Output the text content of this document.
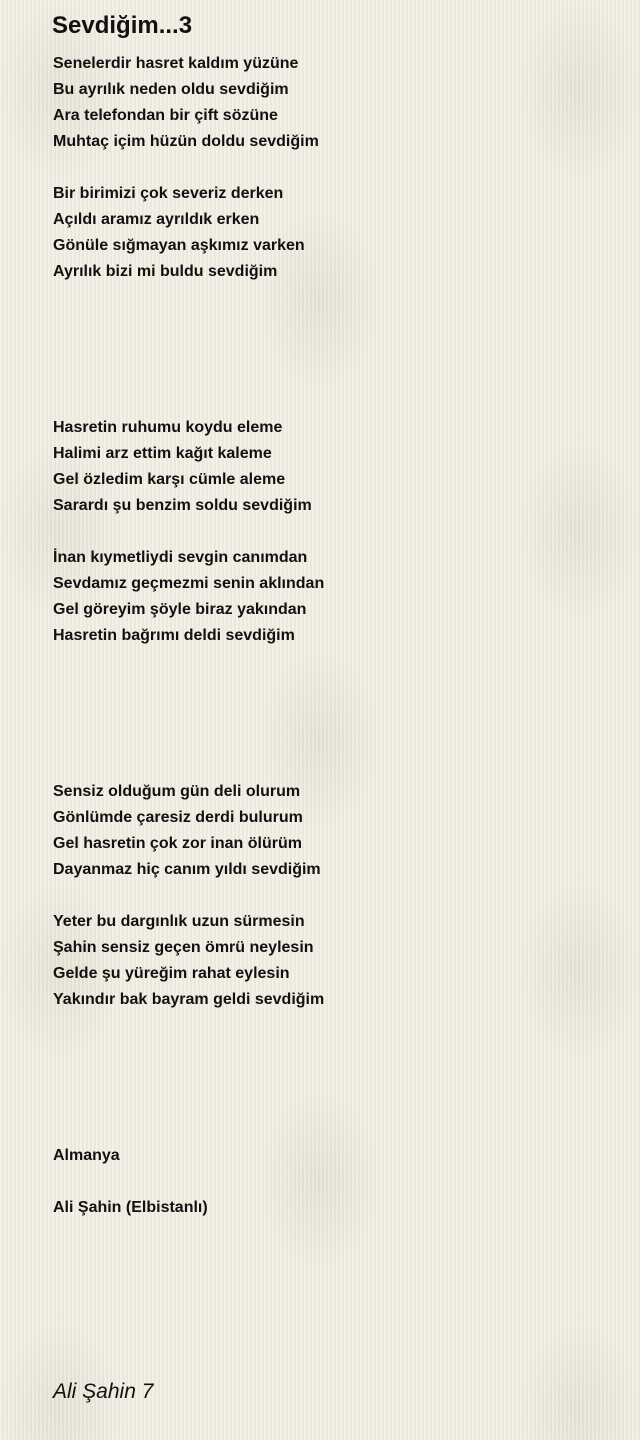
Sevdiğim...3
Senelerdir hasret kaldım yüzüne
Bu ayrılık neden oldu sevdiğim
Ara telefondan bir çift sözüne
Muhtaç içim hüzün doldu sevdiğim
Bir birimizi çok severiz derken
Açıldı aramız ayrıldık erken
Gönüle sığmayan aşkımız varken
Ayrılık bizi mi buldu sevdiğim
Hasretin ruhumu koydu eleme
Halimi arz ettim kağıt kaleme
Gel özledim karşı cümle aleme
Sarardı şu benzim soldu sevdiğim
İnan kıymetliydi sevgin canımdan
Sevdamız geçmezmi senin aklından
Gel göreyim şöyle biraz yakından
Hasretin bağrımı deldi sevdiğim
Sensiz olduğum gün deli olurum
Gönlümde çaresiz derdi bulurum
Gel hasretin çok zor inan ölürüm
Dayanmaz hiç canım yıldı sevdiğim
Yeter bu dargınlık uzun sürmesin
Şahin sensiz geçen ömrü neylesin
Gelde şu yüreğim rahat eylesin
Yakındır bak bayram geldi sevdiğim
Almanya
Ali Şahin (Elbistanlı)
Ali Şahin 7
